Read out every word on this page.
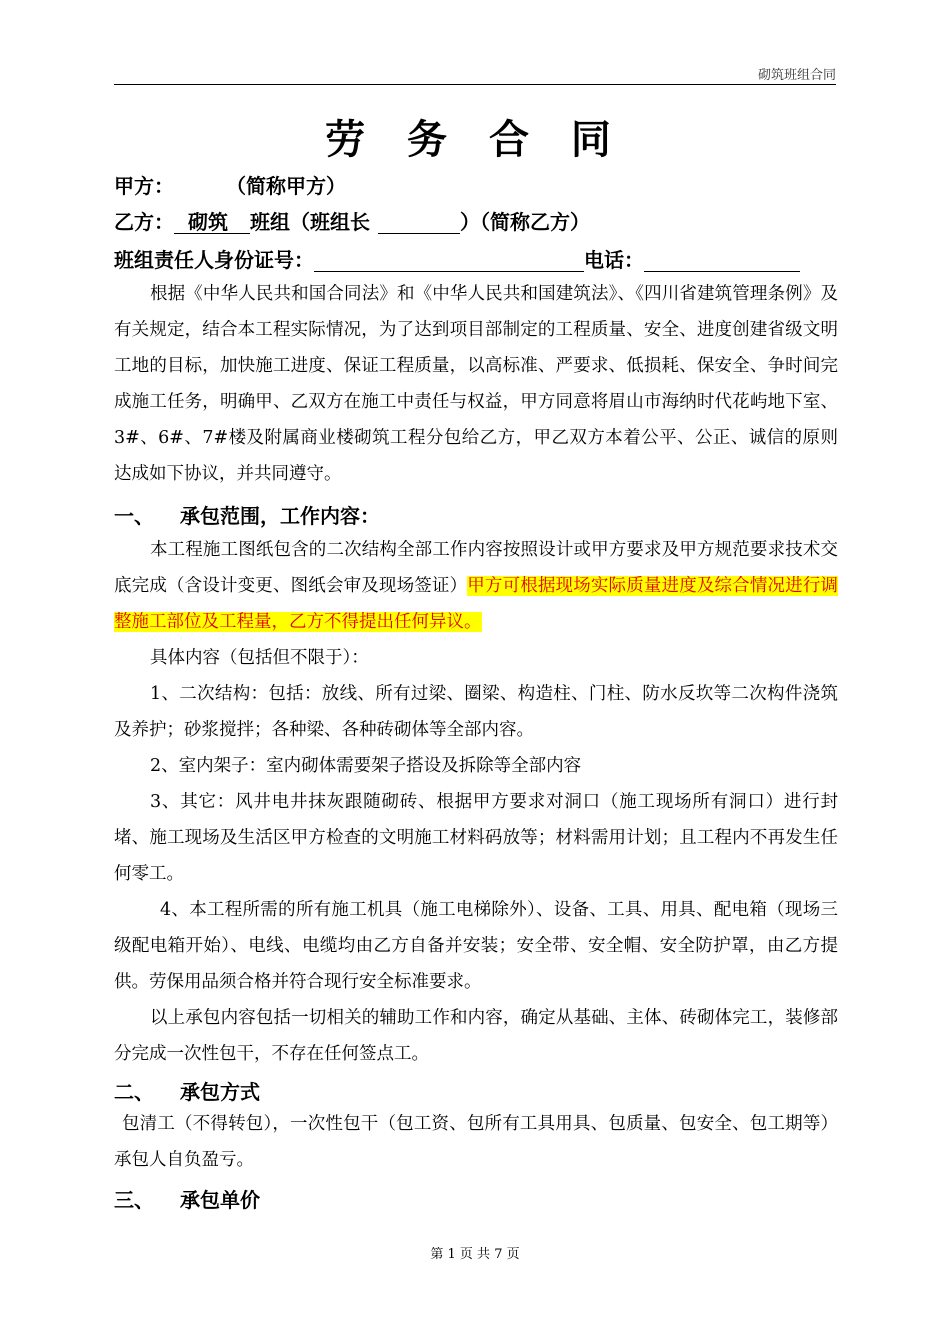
砌筑班组合同
劳 务 合 同
甲方：	（简称甲方）
乙方： 砌筑 班组（班组长	）（简称乙方）
班组责任人身份证号：	电话：

根据《中华人民共和国合同法》和《中华人民共和国建筑法》、《四川省建筑管理条例》及有关规定，结合本工程实际情况，为了达到项目部制定的工程质量、安全、进度创建省级文明工地的目标，加快施工进度、保证工程质量，以高标准、严要求、低损耗、保安全、争时间完成施工任务，明确甲、乙双方在施工中责任与权益，甲方同意将眉山市海纳时代花屿地下室、3#、6#、7#楼及附属商业楼砌筑工程分包给乙方，甲乙双方本着公平、公正、诚信的原则达成如下协议，并共同遵守。

一、 承包范围，工作内容：

本工程施工图纸包含的二次结构全部工作内容按照设计或甲方要求及甲方规范要求技术交底完成（含设计变更、图纸会审及现场签证）甲方可根据现场实际质量进度及综合情况进行调整施工部位及工程量，乙方不得提出任何异议。

具体内容（包括但不限于）：

1、二次结构：包括：放线、所有过梁、圈梁、构造柱、门柱、防水反坎等二次构件浇筑及养护；砂浆搅拌；各种梁、各种砖砌体等全部内容。

2、室内架子：室内砌体需要架子搭设及拆除等全部内容

3、其它：风井电井抹灰跟随砌砖、根据甲方要求对洞口（施工现场所有洞口）进行封堵、施工现场及生活区甲方检查的文明施工材料码放等；材料需用计划；且工程内不再发生任何零工。

4、本工程所需的所有施工机具（施工电梯除外）、设备、工具、用具、配电箱（现场三级配电箱开始）、电线、电缆均由乙方自备并安装；安全带、安全帽、安全防护罩，由乙方提供。劳保用品须合格并符合现行安全标准要求。

以上承包内容包括一切相关的辅助工作和内容，确定从基础、主体、砖砌体完工，装修部分完成一次性包干，不存在任何签点工。

二、 承包方式

包清工（不得转包），一次性包干（包工资、包所有工具用具、包质量、包安全、包工期等）承包人自负盈亏。

三、 承包单价
第 1 页 共 7 页
